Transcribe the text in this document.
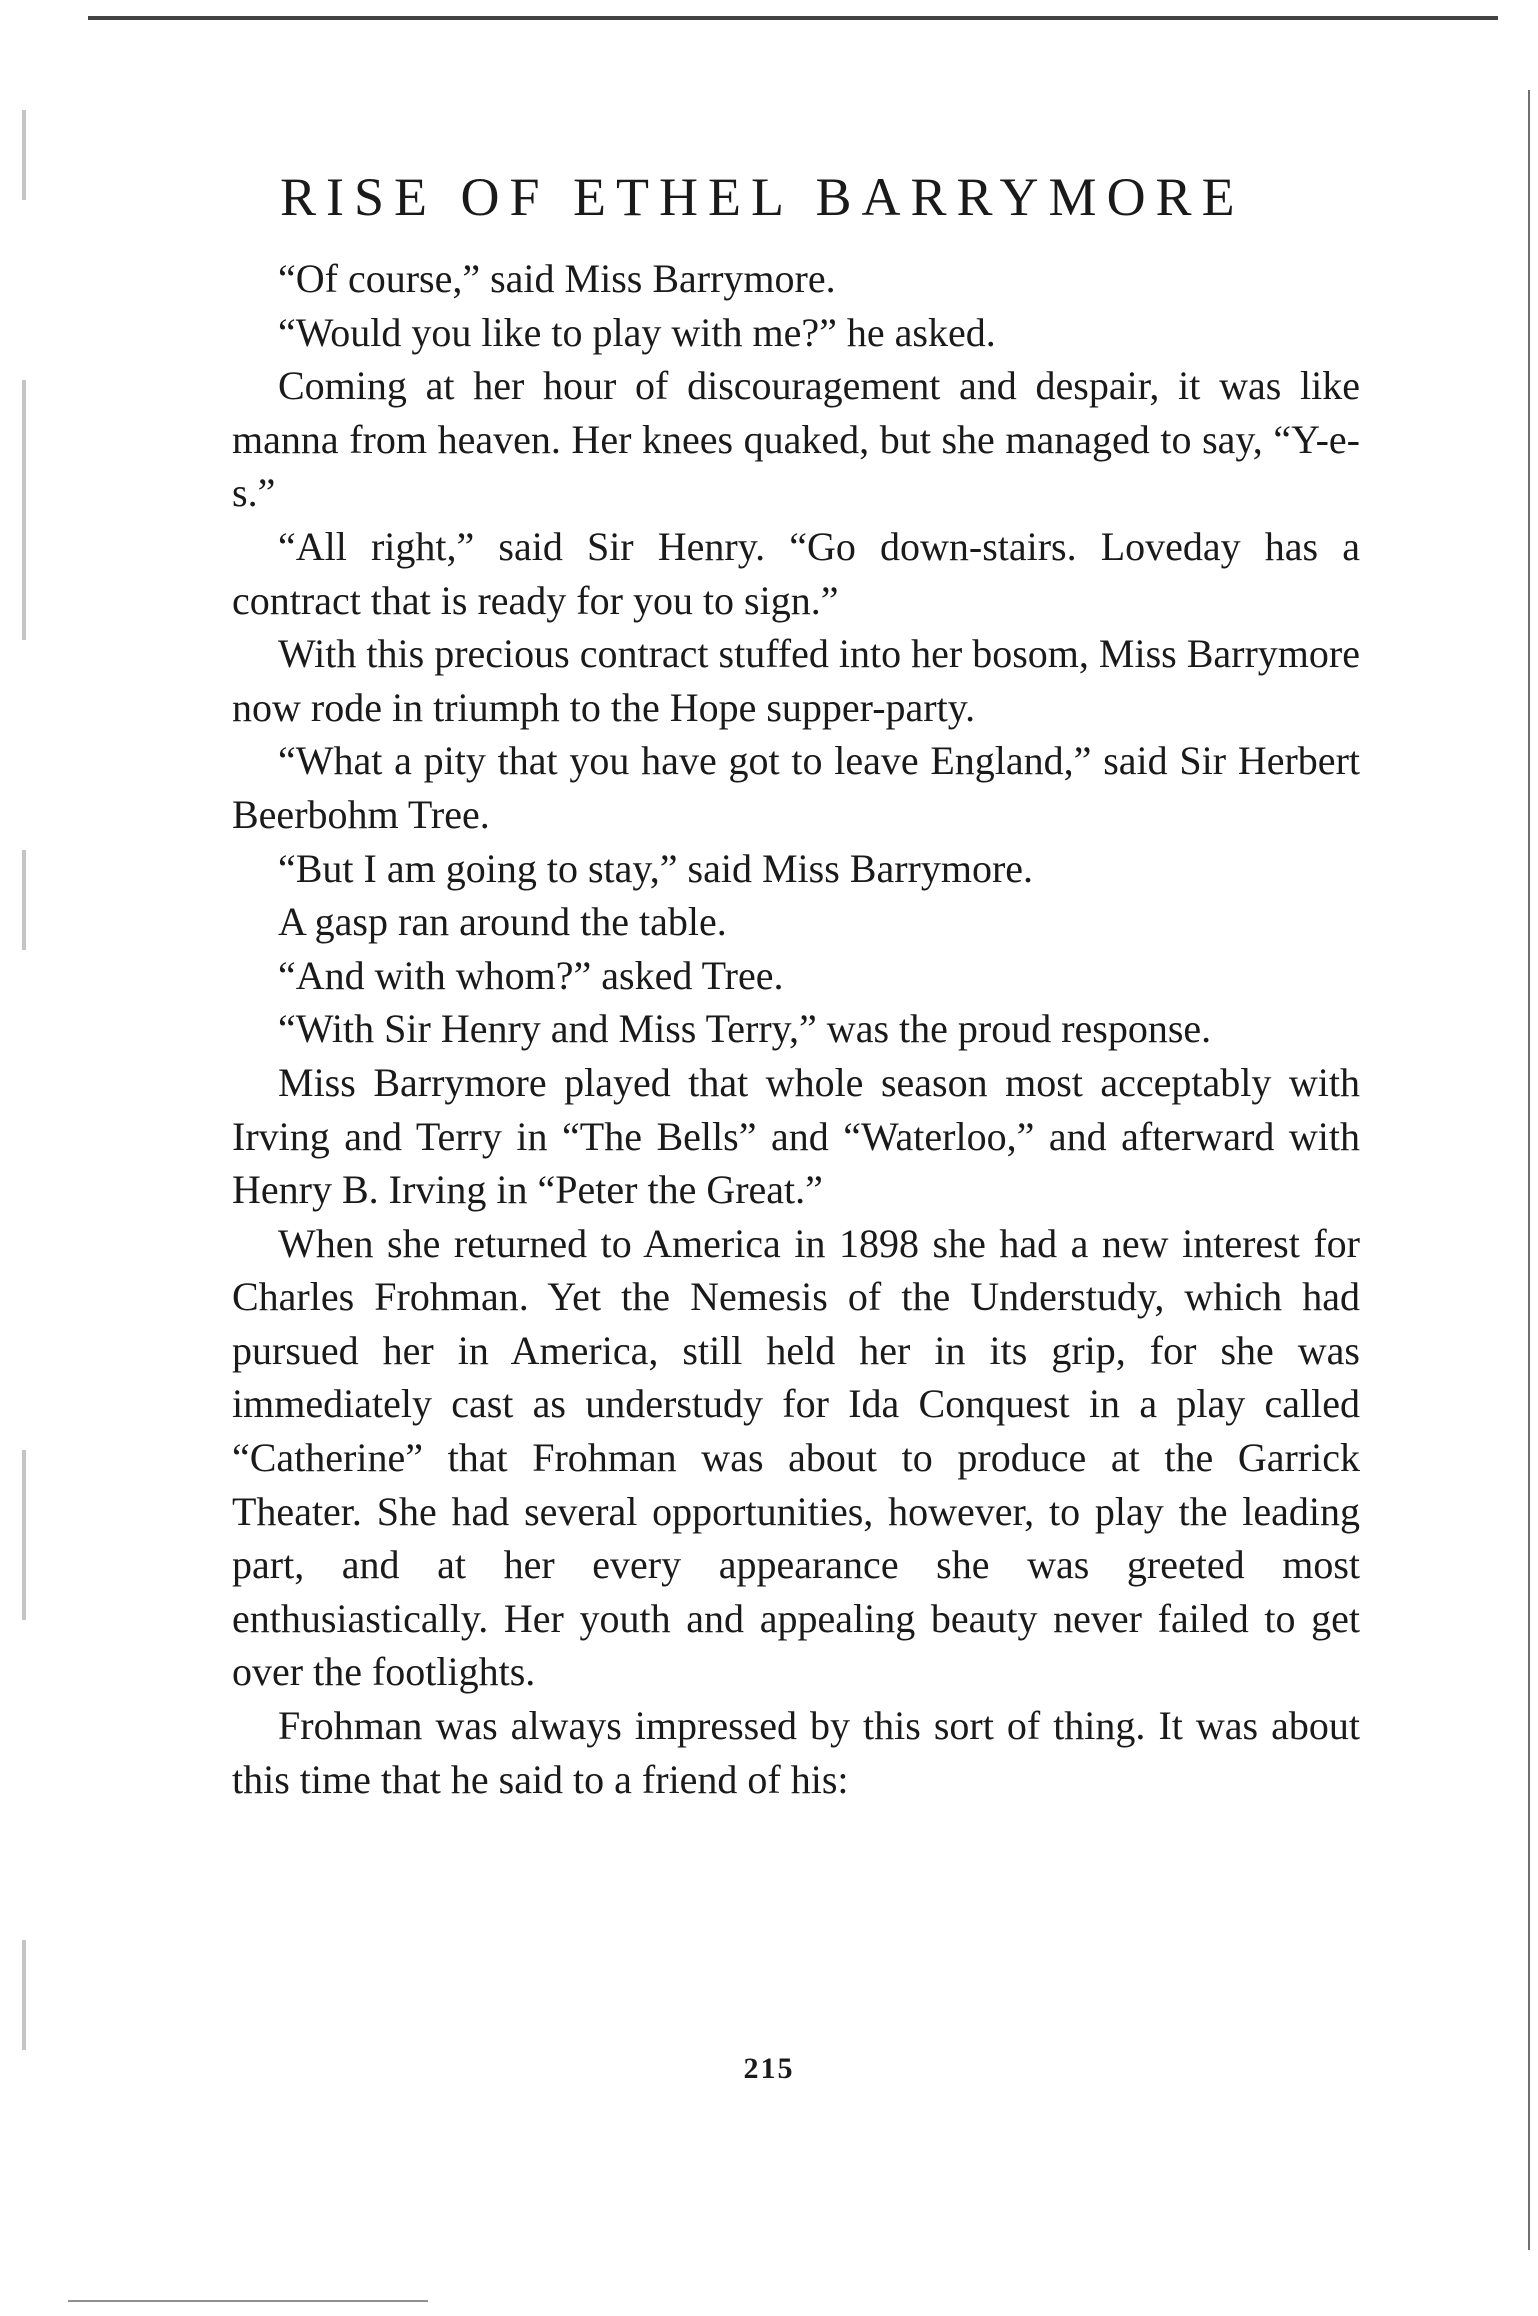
RISE OF ETHEL BARRYMORE

“Of course,” said Miss Barrymore.

“Would you like to play with me?” he asked.

Coming at her hour of discouragement and despair, it was like manna from heaven. Her knees quaked, but she managed to say, “Y-e-s.”

“All right,” said Sir Henry. “Go down-stairs. Loveday has a contract that is ready for you to sign.”

With this precious contract stuffed into her bosom, Miss Barrymore now rode in triumph to the Hope supper-party.

“What a pity that you have got to leave England,” said Sir Herbert Beerbohm Tree.

“But I am going to stay,” said Miss Barrymore.

A gasp ran around the table.

“And with whom?” asked Tree.

“With Sir Henry and Miss Terry,” was the proud response.

Miss Barrymore played that whole season most acceptably with Irving and Terry in “The Bells” and “Waterloo,” and afterward with Henry B. Irving in “Peter the Great.”

When she returned to America in 1898 she had a new interest for Charles Frohman. Yet the Nemesis of the Understudy, which had pursued her in America, still held her in its grip, for she was immediately cast as understudy for Ida Conquest in a play called “Catherine” that Frohman was about to produce at the Garrick Theater. She had several opportunities, however, to play the leading part, and at her every appearance she was greeted most enthusiastically. Her youth and appealing beauty never failed to get over the footlights.

Frohman was always impressed by this sort of thing. It was about this time that he said to a friend of his:

215
